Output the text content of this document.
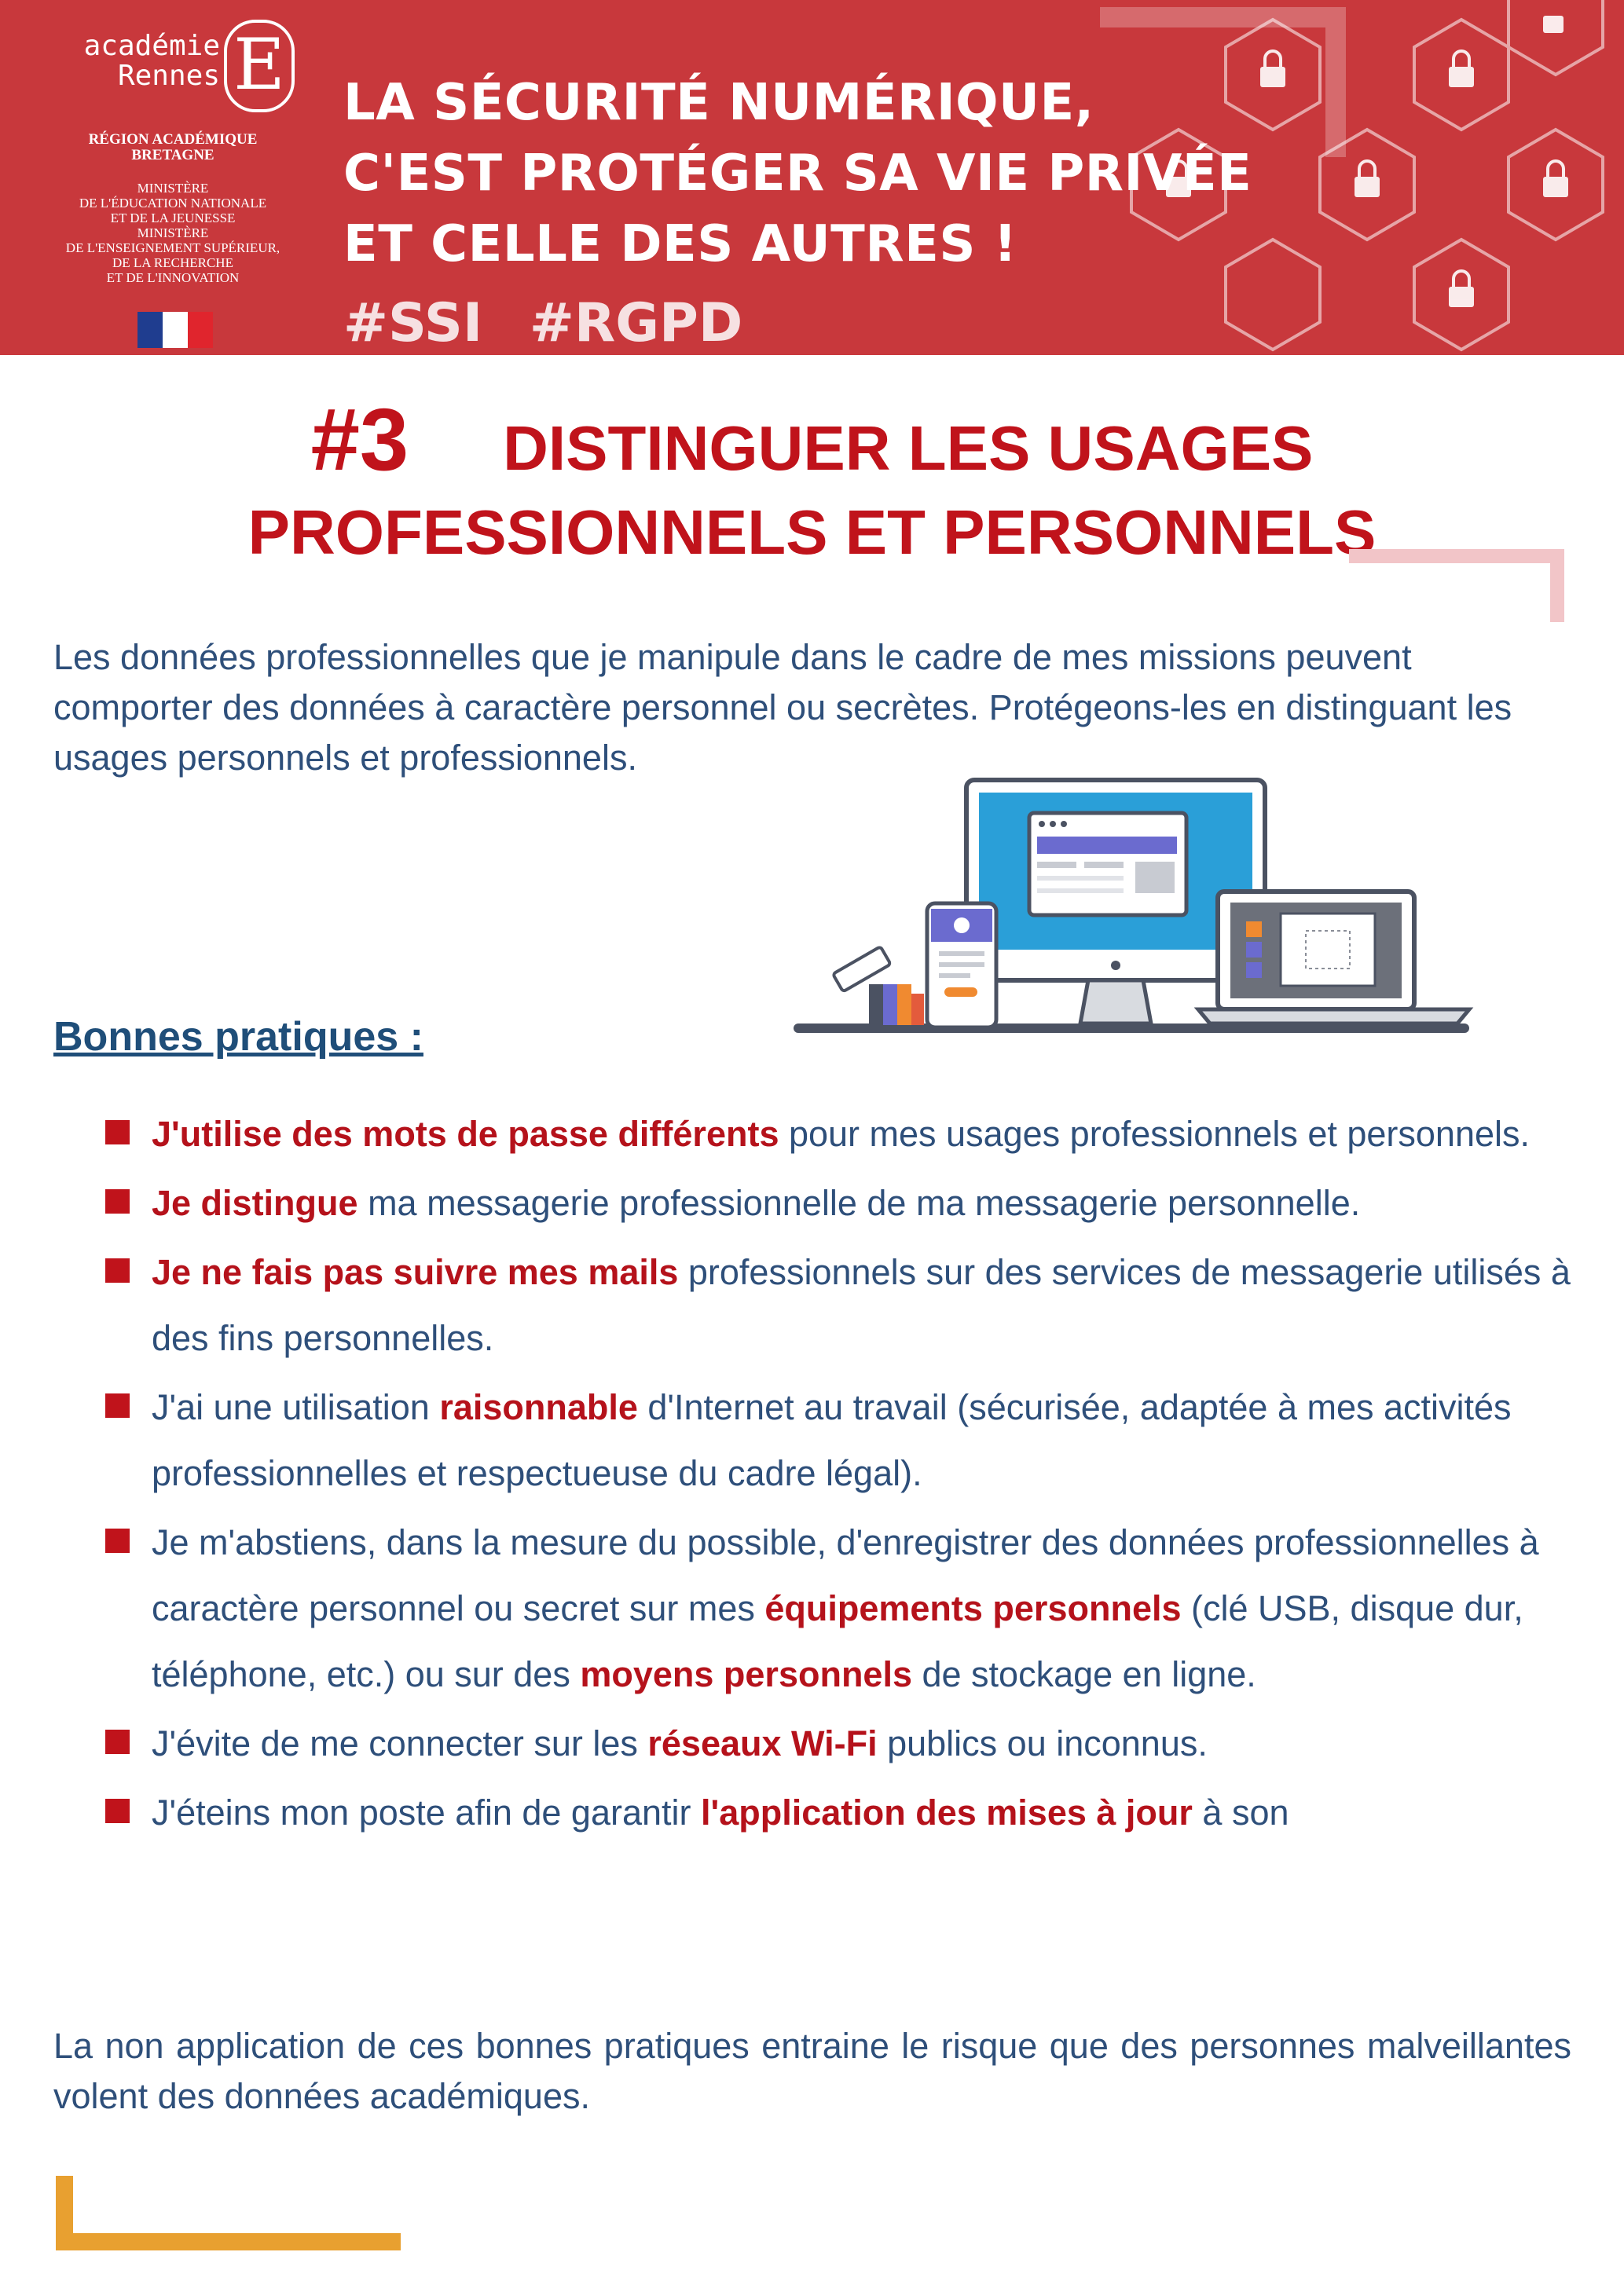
académie
Rennes E
RÉGION ACADÉMIQUE BRETAGNE
MINISTÈRE
DE L'ÉDUCATION NATIONALE
ET DE LA JEUNESSE
MINISTÈRE
DE L'ENSEIGNEMENT SUPÉRIEUR,
DE LA RECHERCHE
ET DE L'INNOVATION
LA SÉCURITÉ NUMÉRIQUE,
C'EST PROTÉGER SA VIE PRIVÉE
ET CELLE DES AUTRES !
#SSI #RGPD
#3 DISTINGUER LES USAGES
PROFESSIONNELS ET PERSONNELS
Les données professionnelles que je manipule dans le cadre de mes missions peuvent comporter des données à caractère personnel ou secrètes. Protégeons-les en distinguant les usages personnels et professionnels.
Bonnes pratiques :
J'utilise des mots de passe différents pour mes usages professionnels et personnels.
Je distingue ma messagerie professionnelle de ma messagerie personnelle.
Je ne fais pas suivre mes mails professionnels sur des services de messagerie utilisés à des fins personnelles.
J'ai une utilisation raisonnable d'Internet au travail (sécurisée, adaptée à mes activités professionnelles et respectueuse du cadre légal).
Je m'abstiens, dans la mesure du possible, d'enregistrer des données professionnelles à caractère personnel ou secret sur mes équipements personnels (clé USB, disque dur, téléphone, etc.) ou sur des moyens personnels de stockage en ligne.
J'évite de me connecter sur les réseaux Wi-Fi publics ou inconnus.
J'éteins mon poste afin de garantir l'application des mises à jour à son
La non application de ces bonnes pratiques entraine le risque que des personnes malveillantes volent des données académiques.
